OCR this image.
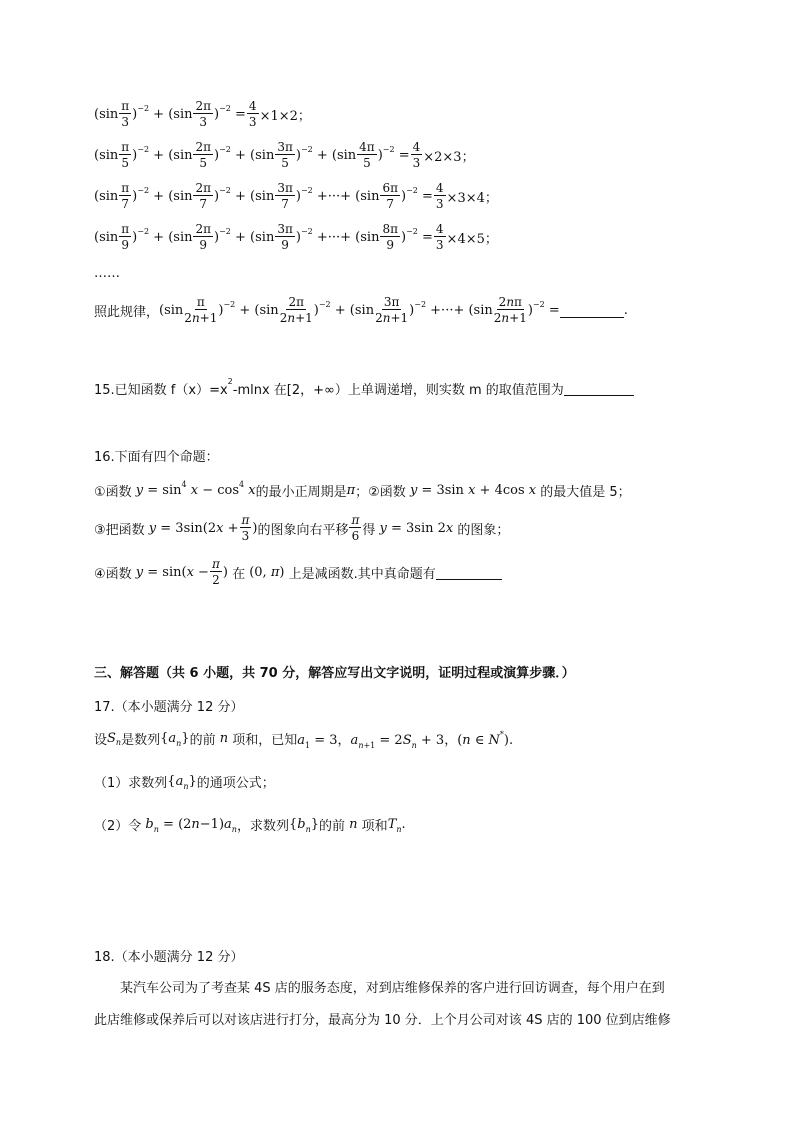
$(\sin \frac{\pi}{3} )^{-2} + (\sin \frac{2\pi}{3} )^{-2} = \frac{4}{3} \times 1\times 2$；
$(\sin \frac{\pi}{5} )^{-2} + (\sin \frac{2\pi}{5} )^{-2} + (\sin \frac{3\pi}{5} )^{-2} + (\sin \frac{4\pi}{5} )^{-2} = \frac{4}{3} \times 2\times 3$；
$(\sin \frac{\pi}{7} )^{-2} + (\sin \frac{2\pi}{7} )^{-2} + (\sin \frac{3\pi}{7} )^{-2}$ +···+ $(\sin \frac{6\pi}{7} )^{-2} = \frac{4}{3} \times 3\times 4$；
$(\sin \frac{\pi}{9} )^{-2} + (\sin \frac{2\pi}{9} )^{-2} + (\sin \frac{3\pi}{9} )^{-2}$ +···+ $(\sin \frac{8\pi}{9} )^{-2} = \frac{4}{3} \times 4\times 5$；
……
照此规律， $(\sin \frac{\pi}{2n+1} )^{-2} + (\sin \frac{2\pi}{2n+1} )^{-2} + (\sin \frac{3\pi}{2n+1} )^{-2}$ +···+ $(\sin \frac{2n\pi}{2n+1} )^{-2}$ =	.
15.已知函数 f（x）=x
2
-mlnx 在[2，+∞）上单调递增，则实数 m 的取值范围为
16.下面有四个命题：
①函数 $y = \sin^4 x - \cos^4 x$ 的最小正周期是 π ；②函数 y = 3sin x + 4cos x 的最大值是 5；
③把函数 $y = 3\sin(2x + \frac{\pi}{3}$ ) 的图象向右平移 $\frac{\pi}{6}$ 得 y = 3sin 2x 的图象；
④函数 $y = \sin(x - \frac{\pi}{2}$ ) 在 (0, π) 上是减函数.其中真命题有
三、解答题（共 6 小题，共 70 分，解答应写出文字说明，证明过程或演算步骤．）
17.（本小题满分 12 分）
设 S n 是数列 $\{a_n\}$ 的前 n 项和，已知 $a_1 = 3$，$a_{n+1} = 2S_n + 3$，(n ∈ N*).
（1）求数列 $\{a_n\}$ 的通项公式；
（2）令 $b_n = (2n-1)a_n$ ，求数列 $\{b_n\}$ 的前 n 项和 $T_n$.
18.（本小题满分 12 分）
某汽车公司为了考查某 4S 店的服务态度，对到店维修保养的客户进行回访调查，每个用户在到
此店维修或保养后可以对该店进行打分，最高分为 10 分．上个月公司对该 4S 店的 100 位到店维修
